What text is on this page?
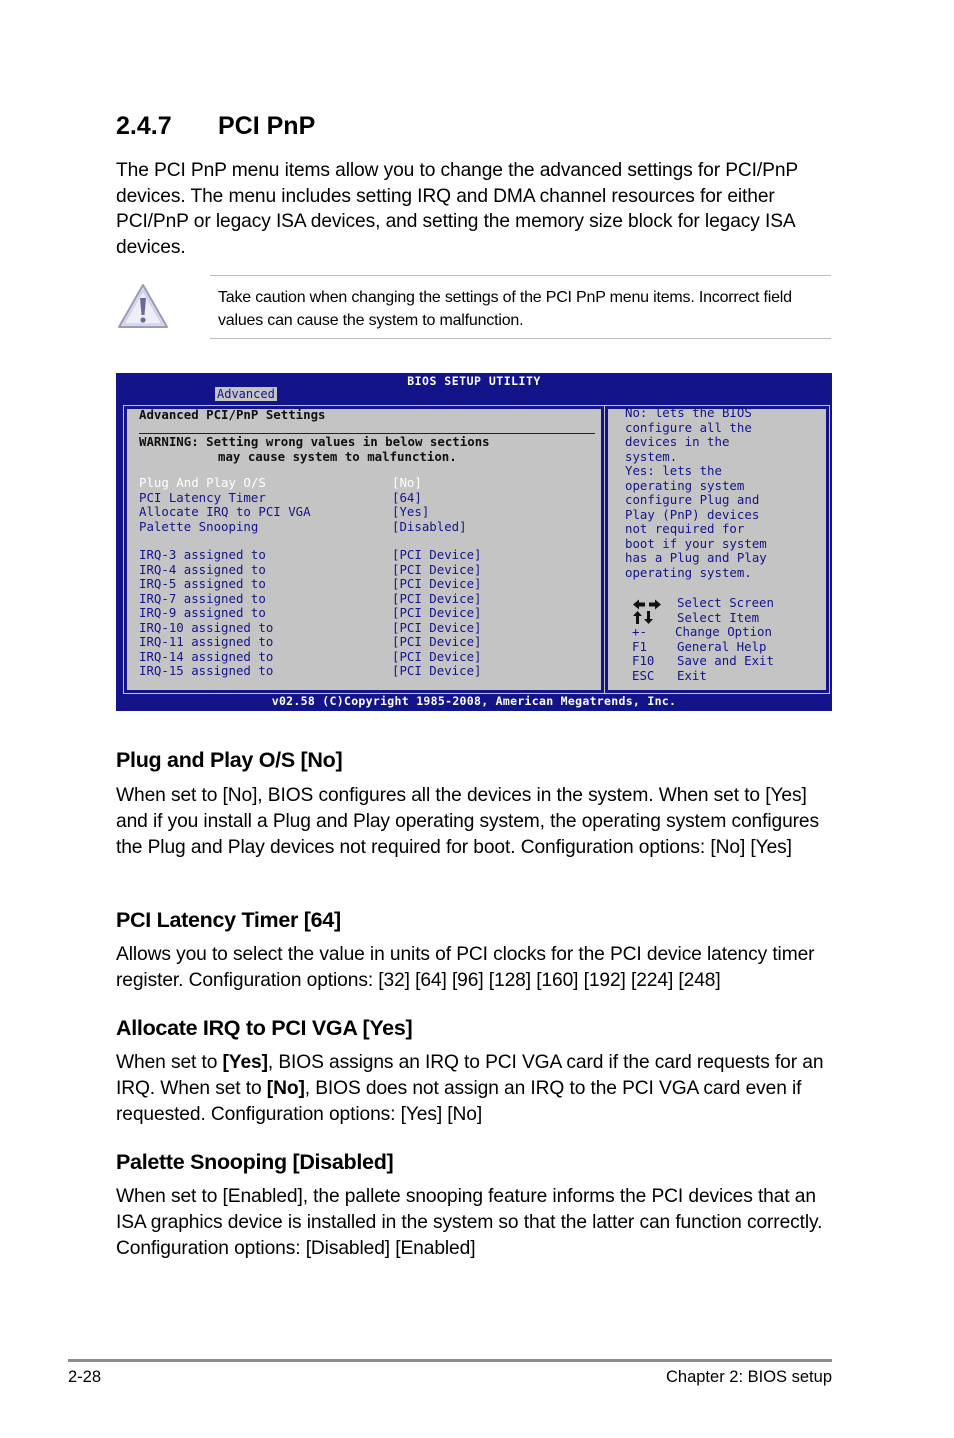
2.4.7	PCI PnP

The PCI PnP menu items allow you to change the advanced settings for PCI/PnP devices. The menu includes setting IRQ and DMA channel resources for either PCI/PnP or legacy ISA devices, and setting the memory size block for legacy ISA devices.

Take caution when changing the settings of the PCI PnP menu items. Incorrect field values can cause the system to malfunction.

BIOS SETUP UTILITY
Advanced
Advanced PCI/PnP Settings
WARNING: Setting wrong values in below sections
may cause system to malfunction.
Plug And Play O/S	[No]
PCI Latency Timer	[64]
Allocate IRQ to PCI VGA	[Yes]
Palette Snooping	[Disabled]
IRQ-3 assigned to	[PCI Device]
IRQ-4 assigned to	[PCI Device]
IRQ-5 assigned to	[PCI Device]
IRQ-7 assigned to	[PCI Device]
IRQ-9 assigned to	[PCI Device]
IRQ-10 assigned to	[PCI Device]
IRQ-11 assigned to	[PCI Device]
IRQ-14 assigned to	[PCI Device]
IRQ-15 assigned to	[PCI Device]
No: lets the BIOS
configure all the
devices in the
system.
Yes: lets the
operating system
configure Plug and
Play (PnP) devices
not required for
boot if your system
has a Plug and Play
operating system.
Select Screen
Select Item
+- Change Option
F1 General Help
F10 Save and Exit
ESC Exit
v02.58 (C)Copyright 1985-2008, American Megatrends, Inc.
Plug and Play O/S [No]

When set to [No], BIOS configures all the devices in the system. When set to [Yes] and if you install a Plug and Play operating system, the operating system configures the Plug and Play devices not required for boot. Configuration options: [No] [Yes]

PCI Latency Timer [64]

Allows you to select the value in units of PCI clocks for the PCI device latency timer register. Configuration options: [32] [64] [96] [128] [160] [192] [224] [248]

Allocate IRQ to PCI VGA [Yes]

When set to [Yes], BIOS assigns an IRQ to PCI VGA card if the card requests for an IRQ. When set to [No], BIOS does not assign an IRQ to the PCI VGA card even if requested. Configuration options: [Yes] [No]

Palette Snooping [Disabled]

When set to [Enabled], the pallete snooping feature informs the PCI devices that an ISA graphics device is installed in the system so that the latter can function correctly. Configuration options: [Disabled] [Enabled]

2-28	Chapter 2: BIOS setup
